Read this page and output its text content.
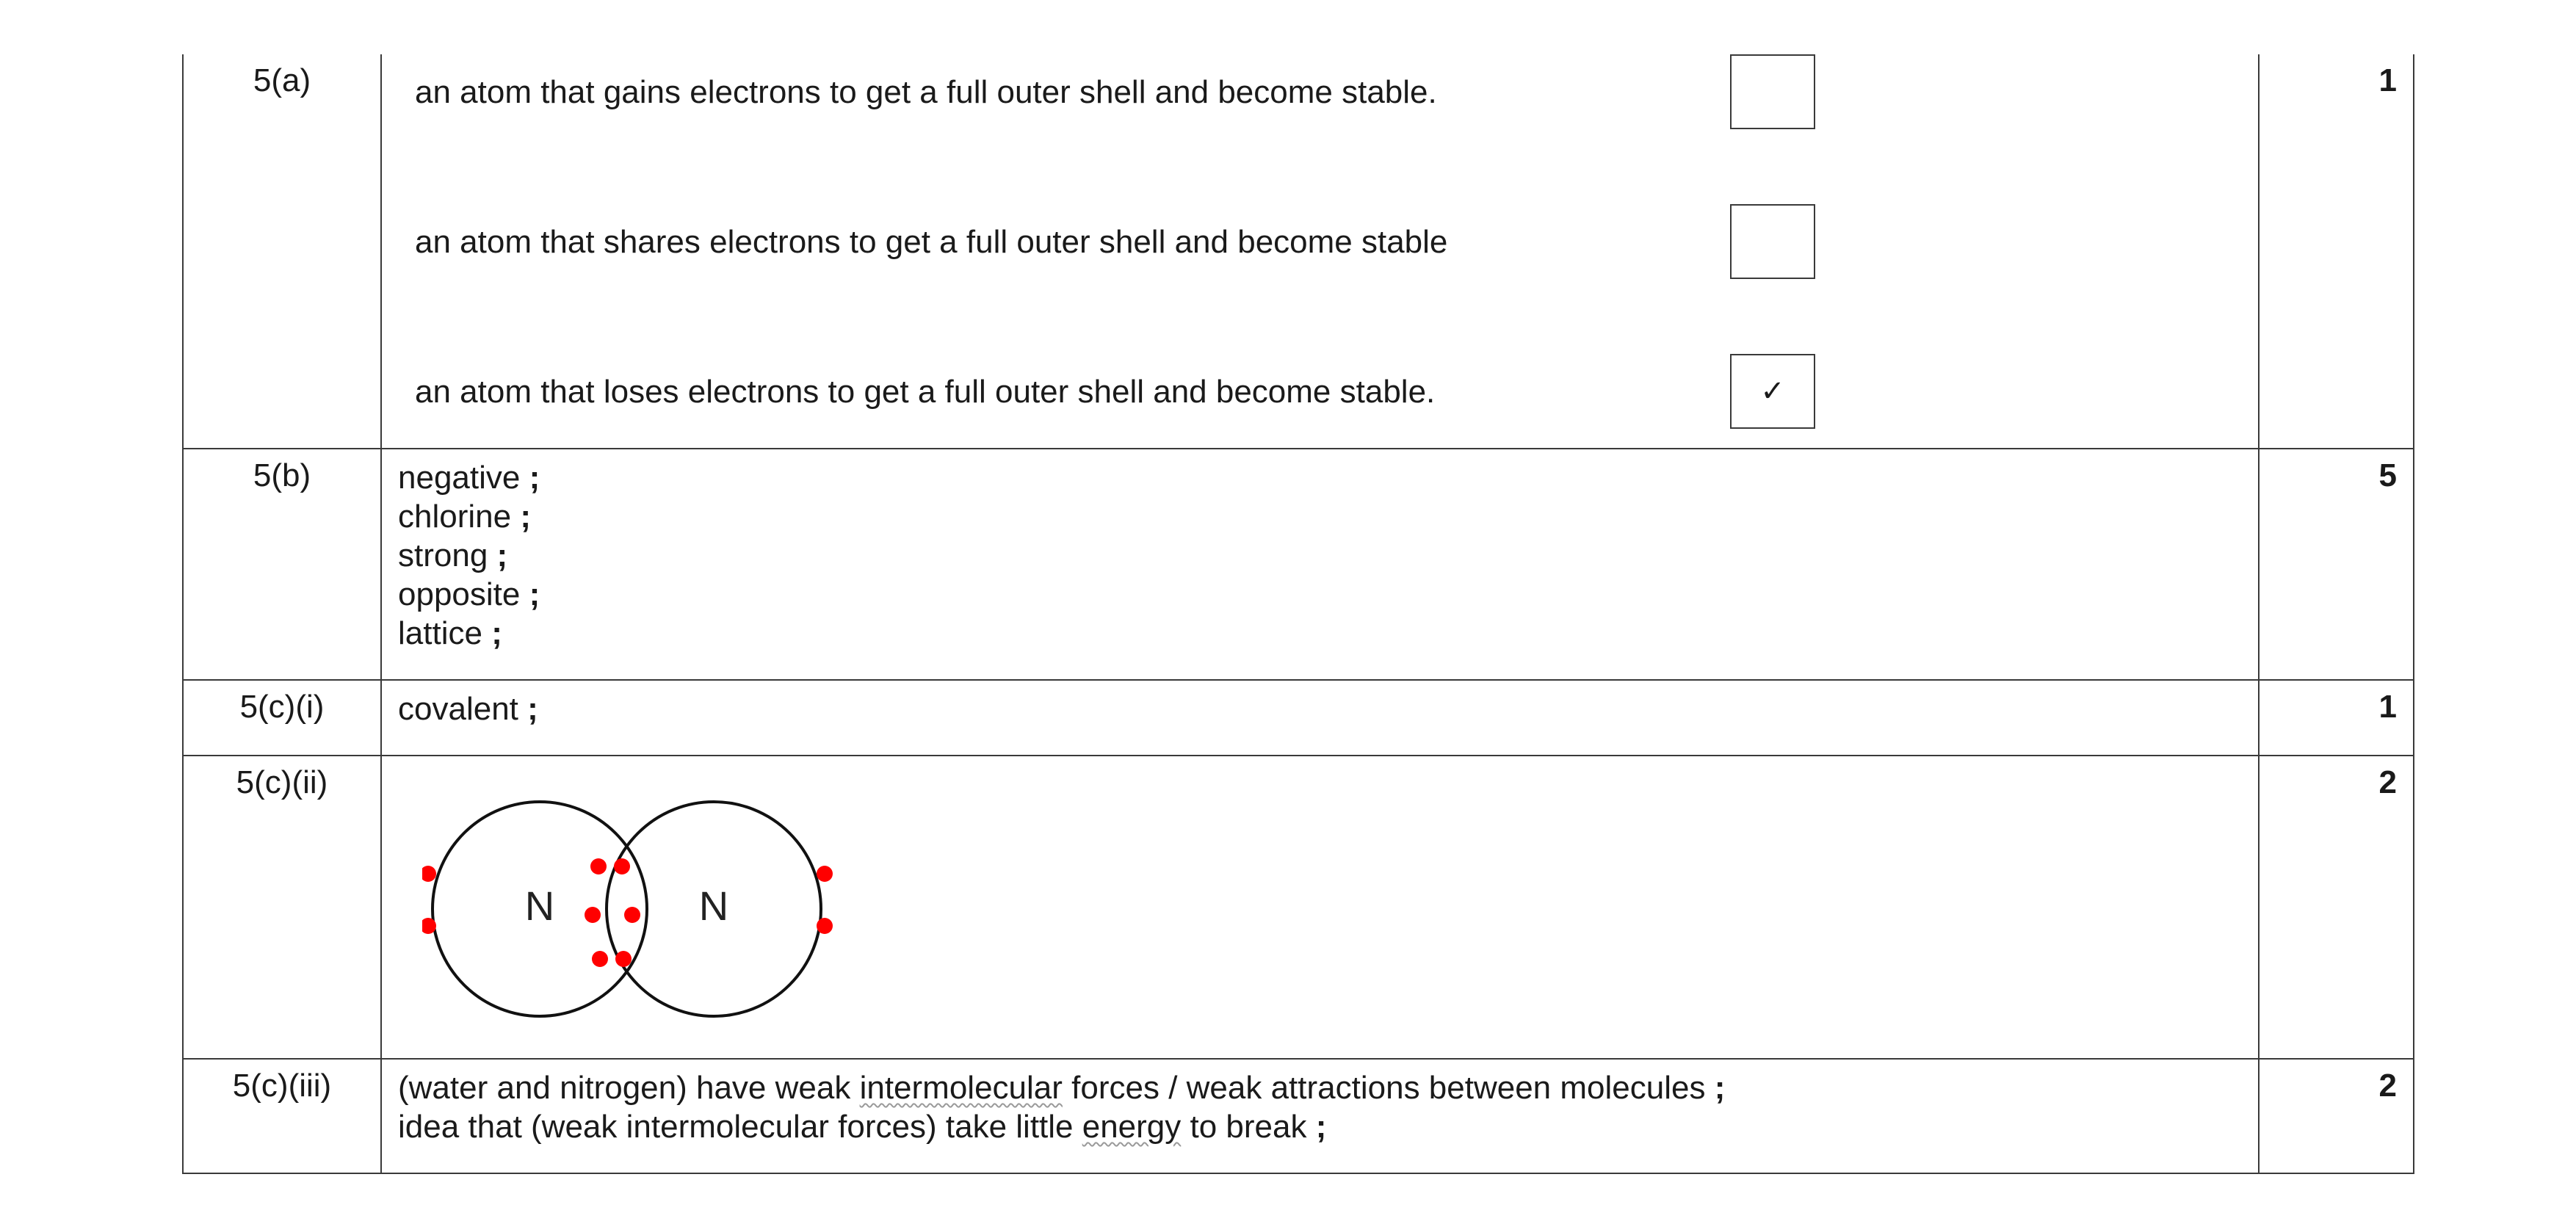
5(a)	an atom that gains electrons to get a full outer shell and become stable.
an atom that shares electrons to get a full outer shell and become stable
an atom that loses electrons to get a full outer shell and become stable. ✓	1

5(b)	negative ;
chlorine ;
strong ;
opposite ;
lattice ;	5

5(c)(i)	covalent ;	1

5(c)(ii)	N N	2

5(c)(iii)	(water and nitrogen) have weak intermolecular forces / weak attractions between molecules ;
idea that (weak intermolecular forces) take little energy to break ;	2
